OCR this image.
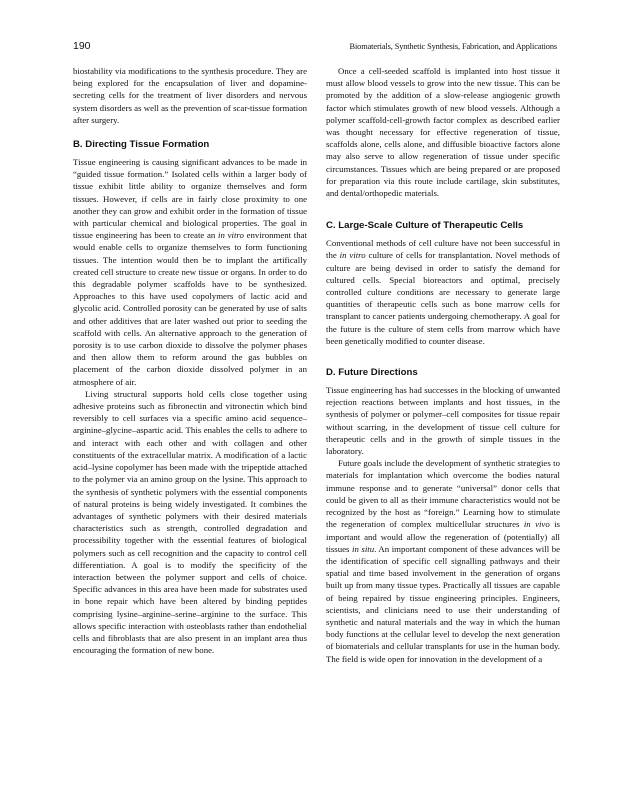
190	Biomaterials, Synthetic Synthesis, Fabrication, and Applications

biostability via modifications to the synthesis procedure. They are being explored for the encapsulation of liver and dopamine-secreting cells for the treatment of liver disorders and nervous system disorders as well as the prevention of scar-tissue formation after surgery.

B. Directing Tissue Formation

Tissue engineering is causing significant advances to be made in “guided tissue formation.” Isolated cells within a larger body of tissue exhibit little ability to organize themselves and form tissues. However, if cells are in fairly close proximity to one another they can grow and exhibit order in the formation of tissue with particular chemical and biological properties. The goal in tissue engineering has been to create an in vitro environment that would enable cells to organize themselves to form functioning tissues. The intention would then be to implant the artifically created cell structure to create new tissue or organs. In order to do this degradable polymer scaffolds have to be synthesized. Approaches to this have used copolymers of lactic acid and glycolic acid. Controlled porosity can be generated by use of salts and other additives that are later washed out prior to seeding the scaffold with cells. An alternative approach to the generation of porosity is to use carbon dioxide to dissolve the polymer phases and then allow them to reform around the gas bubbles on placement of the carbon dioxide dissolved polymer in an atmosphere of air.

Living structural supports hold cells close together using adhesive proteins such as fibronectin and vitronectin which bind reversibly to cell surfaces via a specific amino acid sequence–arginine–glycine–aspartic acid. This enables the cells to adhere to and interact with each other and with collagen and other constituents of the extracellular matrix. A modification of a lactic acid–lysine copolymer has been made with the tripeptide attached to the polymer via an amino group on the lysine. This approach to the synthesis of synthetic polymers with the essential components of natural proteins is being widely investigated. It combines the advantages of synthetic polymers with their desired materials characteristics such as strength, controlled degradation and processibility together with the essential features of biological polymers such as cell recognition and the capacity to control cell differentiation. A goal is to modify the specificity of the interaction between the polymer support and cells of choice. Specific advances in this area have been made for substrates used in bone repair which have been altered by binding peptides comprising lysine–arginine–serine–arginine to the surface. This allows specific interaction with osteoblasts rather than endothelial cells and fibroblasts that are also present in an implant area thus encouraging the formation of new bone.

Once a cell-seeded scaffold is implanted into host tissue it must allow blood vessels to grow into the new tissue. This can be promoted by the addition of a slow-release angiogenic growth factor which stimulates growth of new blood vessels. Although a polymer scaffold-cell-growth factor complex as described earlier was thought necessary for effective regeneration of tissue, scaffolds alone, cells alone, and diffusible bioactive factors alone may also serve to allow regeneration of tissue under specific circumstances. Tissues which are being prepared or are proposed for preparation via this route include cartilage, skin substitutes, and dental/orthopedic materials.

C. Large-Scale Culture of Therapeutic Cells

Conventional methods of cell culture have not been successful in the in vitro culture of cells for transplantation. Novel methods of culture are being devised in order to satisfy the demand for cultured cells. Special bioreactors and optimal, precisely controlled culture conditions are necessary to generate large quantities of therapeutic cells such as bone marrow cells for transplant to cancer patients undergoing chemotherapy. A goal for the future is the culture of stem cells from marrow which have been genetically modified to counter disease.

D. Future Directions

Tissue engineering has had successes in the blocking of unwanted rejection reactions between implants and host tissues, in the synthesis of polymer or polymer–cell composites for tissue repair without scarring, in the development of tissue cell culture for therapeutic cells and in the growth of simple tissues in the laboratory.

Future goals include the development of synthetic strategies to materials for implantation which overcome the bodies natural immune response and to generate “universal” donor cells that could be given to all as their immune characteristics would not be recognized by the host as “foreign.” Learning how to stimulate the regeneration of complex multicellular structures in vivo is important and would allow the regeneration of (potentially) all tissues in situ. An important component of these advances will be the identification of specific cell signalling pathways and their spatial and time based involvement in the generation of organs built up from many tissue types. Practically all tissues are capable of being repaired by tissue engineering principles. Engineers, scientists, and clinicians need to use their understanding of synthetic and natural materials and the way in which the human body functions at the cellular level to develop the next generation of biomaterials and cellular transplants for use in the human body. The field is wide open for innovation in the development of a
